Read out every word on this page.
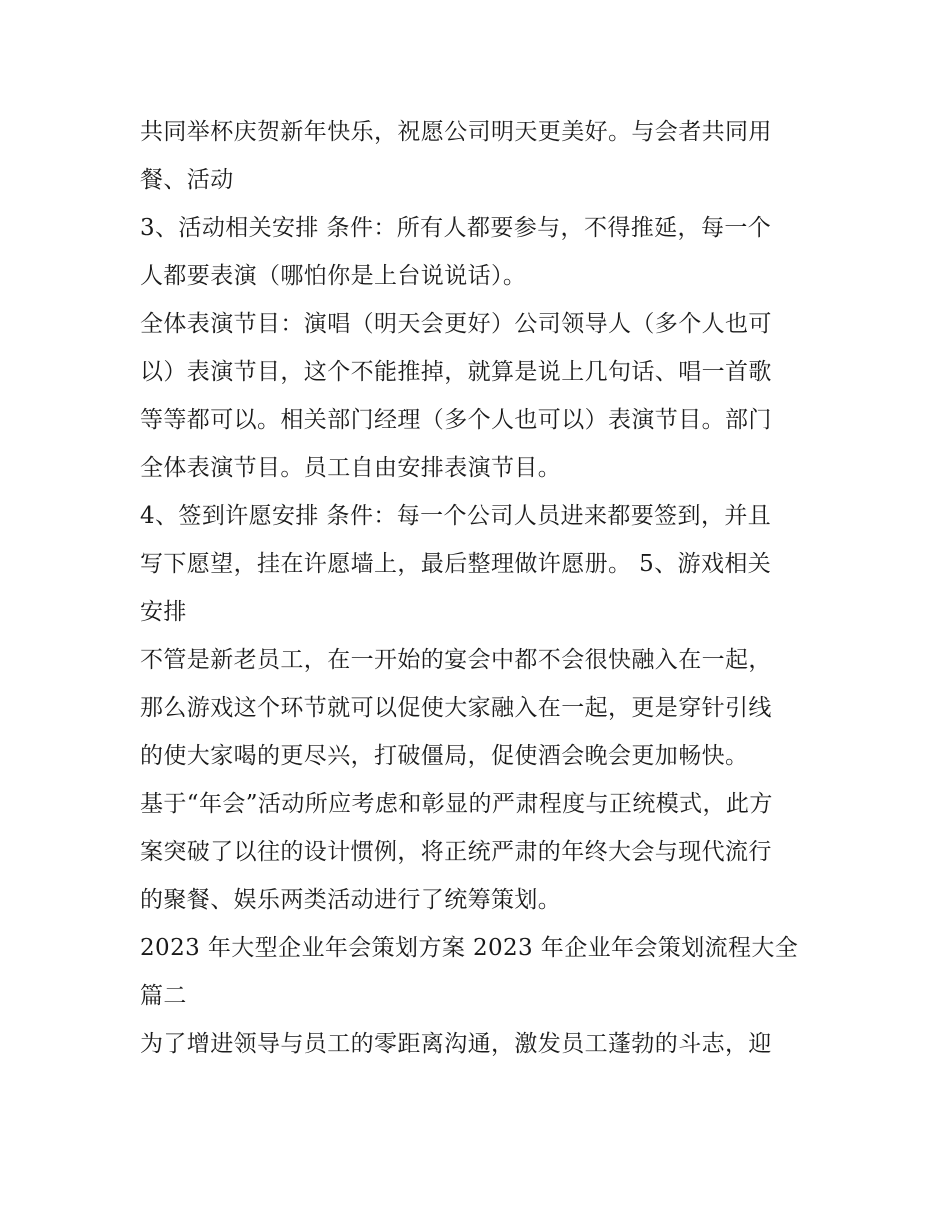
共同举杯庆贺新年快乐，祝愿公司明天更美好。与会者共同用
餐、活动

3、活动相关安排 条件：所有人都要参与，不得推延，每一个
人都要表演（哪怕你是上台说说话）。

全体表演节目：演唱（明天会更好）公司领导人（多个人也可
以）表演节目，这个不能推掉，就算是说上几句话、唱一首歌
等等都可以。相关部门经理（多个人也可以）表演节目。部门
全体表演节目。员工自由安排表演节目。

4、签到许愿安排 条件：每一个公司人员进来都要签到，并且
写下愿望，挂在许愿墙上，最后整理做许愿册。 5、游戏相关
安排

不管是新老员工，在一开始的宴会中都不会很快融入在一起，
那么游戏这个环节就可以促使大家融入在一起，更是穿针引线
的使大家喝的更尽兴，打破僵局，促使酒会晚会更加畅快。

基于“年会”活动所应考虑和彰显的严肃程度与正统模式，此方
案突破了以往的设计惯例，将正统严肃的年终大会与现代流行
的聚餐、娱乐两类活动进行了统筹策划。

2023 年大型企业年会策划方案 2023 年企业年会策划流程大全
篇二

为了增进领导与员工的零距离沟通，激发员工蓬勃的斗志，迎
